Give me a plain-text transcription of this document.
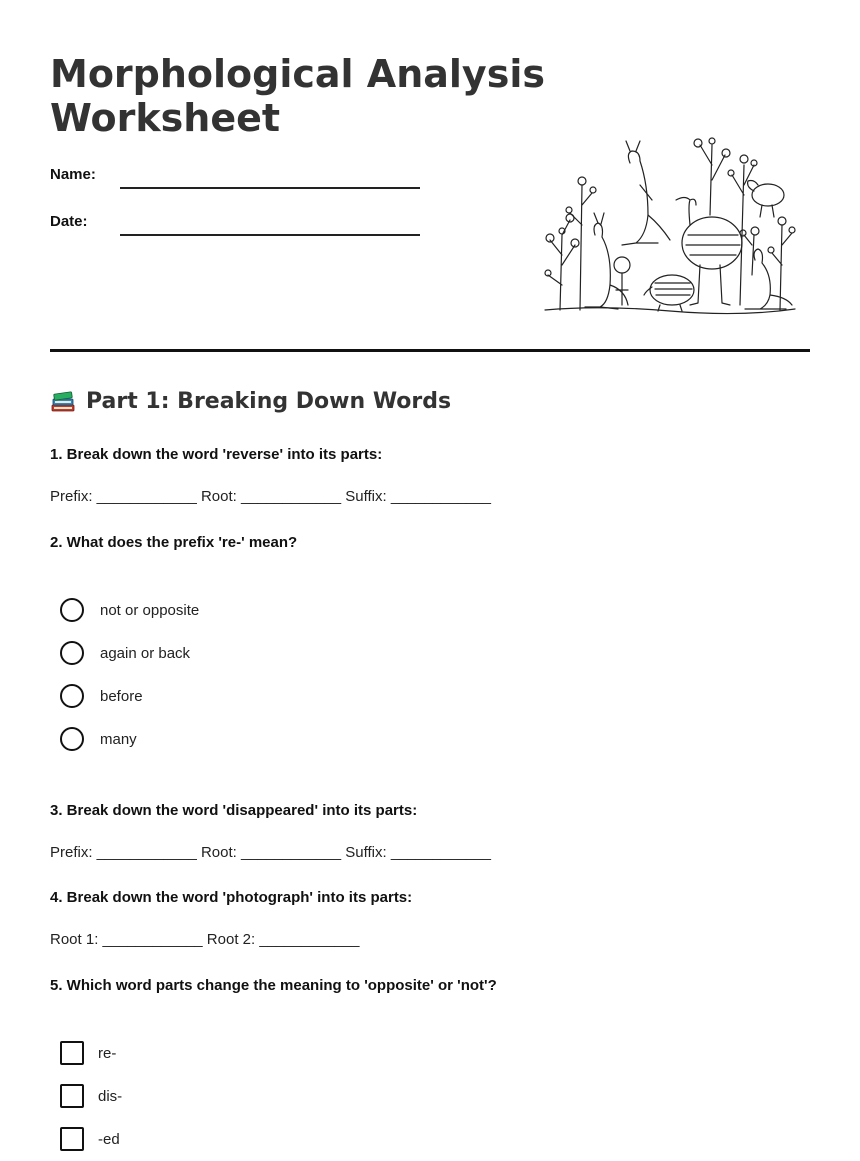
Morphological Analysis Worksheet
Name:
Date:
Part 1: Breaking Down Words
1. Break down the word 'reverse' into its parts:
Prefix: ____________ Root: ____________ Suffix: ____________
2. What does the prefix 're-' mean?
not or opposite
again or back
before
many
3. Break down the word 'disappeared' into its parts:
Prefix: ____________ Root: ____________ Suffix: ____________
4. Break down the word 'photograph' into its parts:
Root 1: ____________ Root 2: ____________
5. Which word parts change the meaning to 'opposite' or 'not'?
re-
dis-
-ed
